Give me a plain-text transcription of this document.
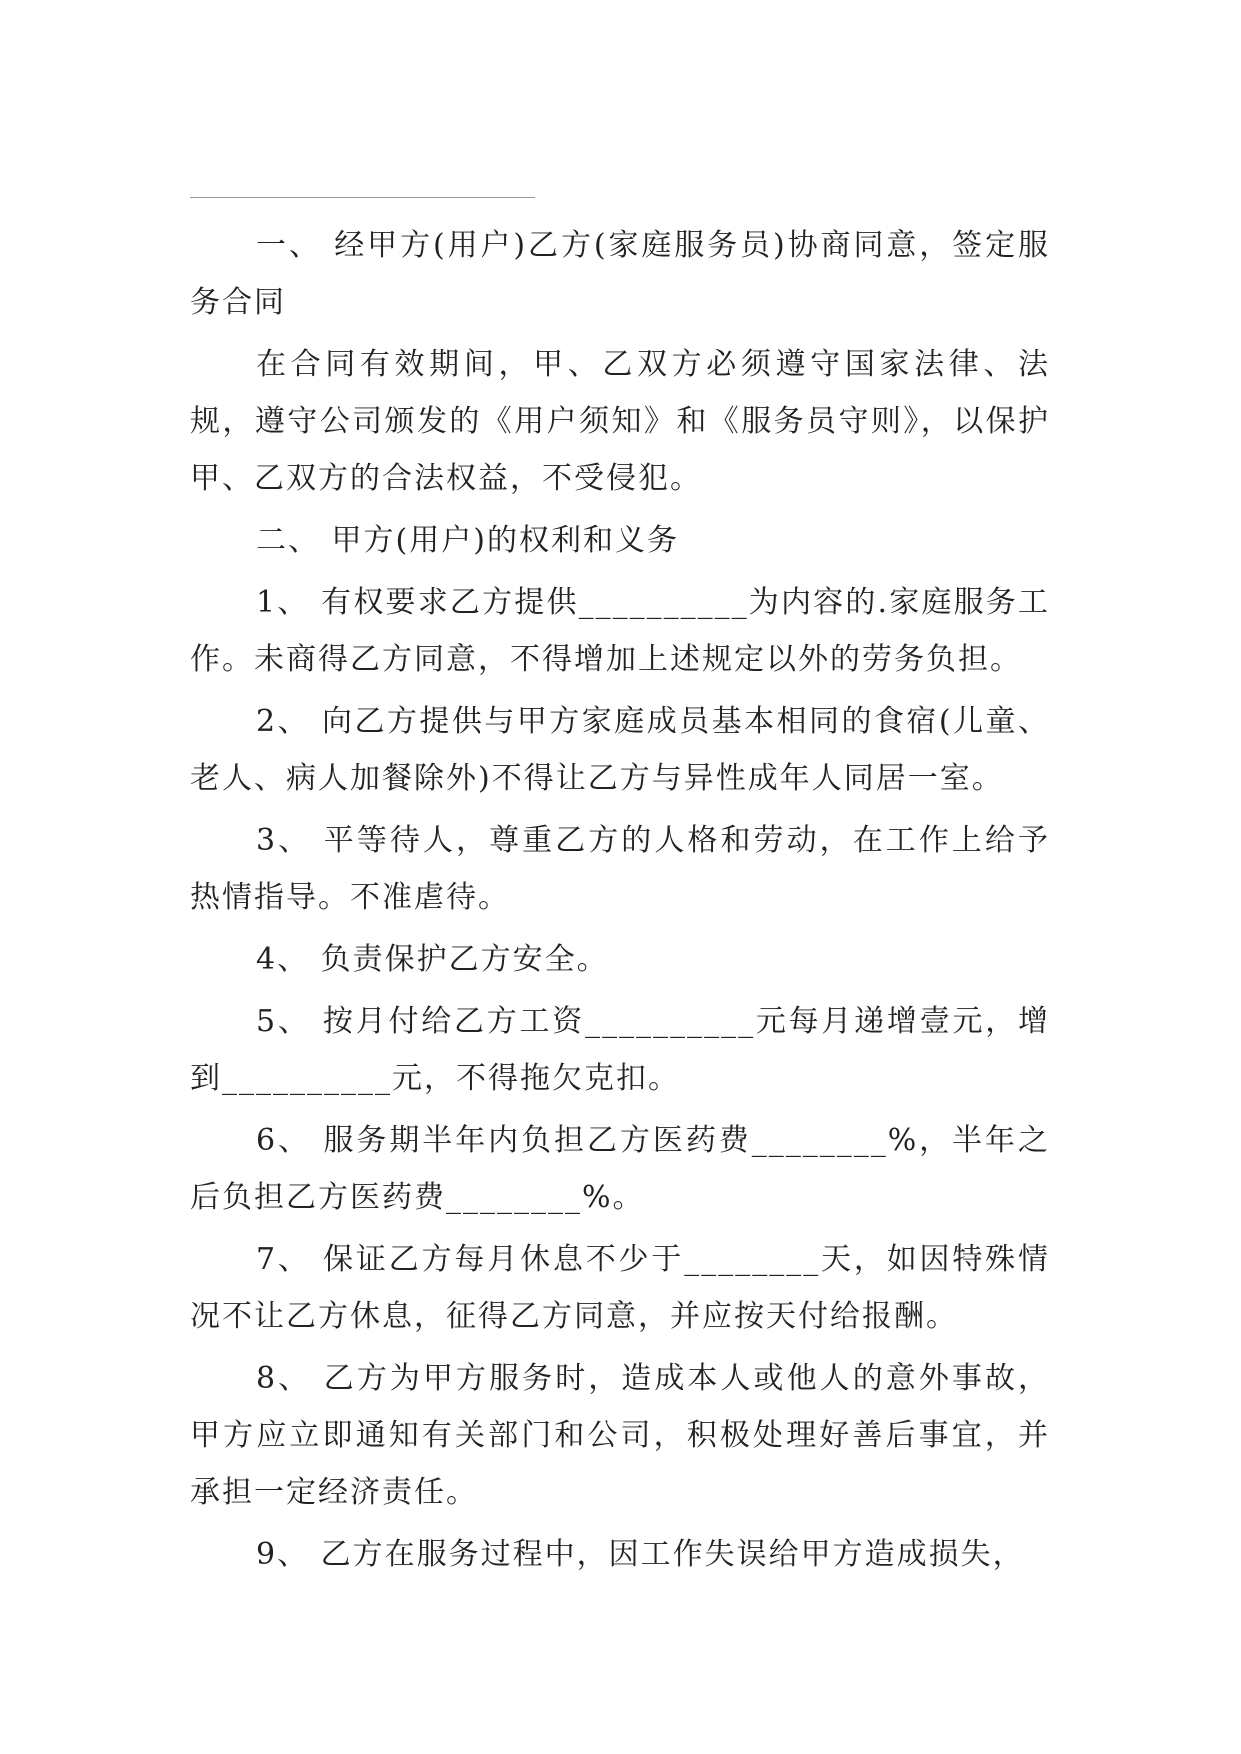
一、 经甲方(用户)乙方(家庭服务员)协商同意，签定服务合同

在合同有效期间，甲、乙双方必须遵守国家法律、法规，遵守公司颁发的《用户须知》和《服务员守则》，以保护甲、乙双方的合法权益，不受侵犯。

二、 甲方(用户)的权利和义务

1、 有权要求乙方提供__________为内容的.家庭服务工作。未商得乙方同意，不得增加上述规定以外的劳务负担。

2、 向乙方提供与甲方家庭成员基本相同的食宿(儿童、老人、病人加餐除外)不得让乙方与异性成年人同居一室。

3、 平等待人，尊重乙方的人格和劳动，在工作上给予热情指导。不准虐待。

4、 负责保护乙方安全。

5、 按月付给乙方工资__________元每月递增壹元，增到__________元，不得拖欠克扣。

6、 服务期半年内负担乙方医药费________%，半年之后负担乙方医药费________%。

7、 保证乙方每月休息不少于________天，如因特殊情况不让乙方休息，征得乙方同意，并应按天付给报酬。

8、 乙方为甲方服务时，造成本人或他人的意外事故，甲方应立即通知有关部门和公司，积极处理好善后事宜，并承担一定经济责任。

9、 乙方在服务过程中，因工作失误给甲方造成损失，
